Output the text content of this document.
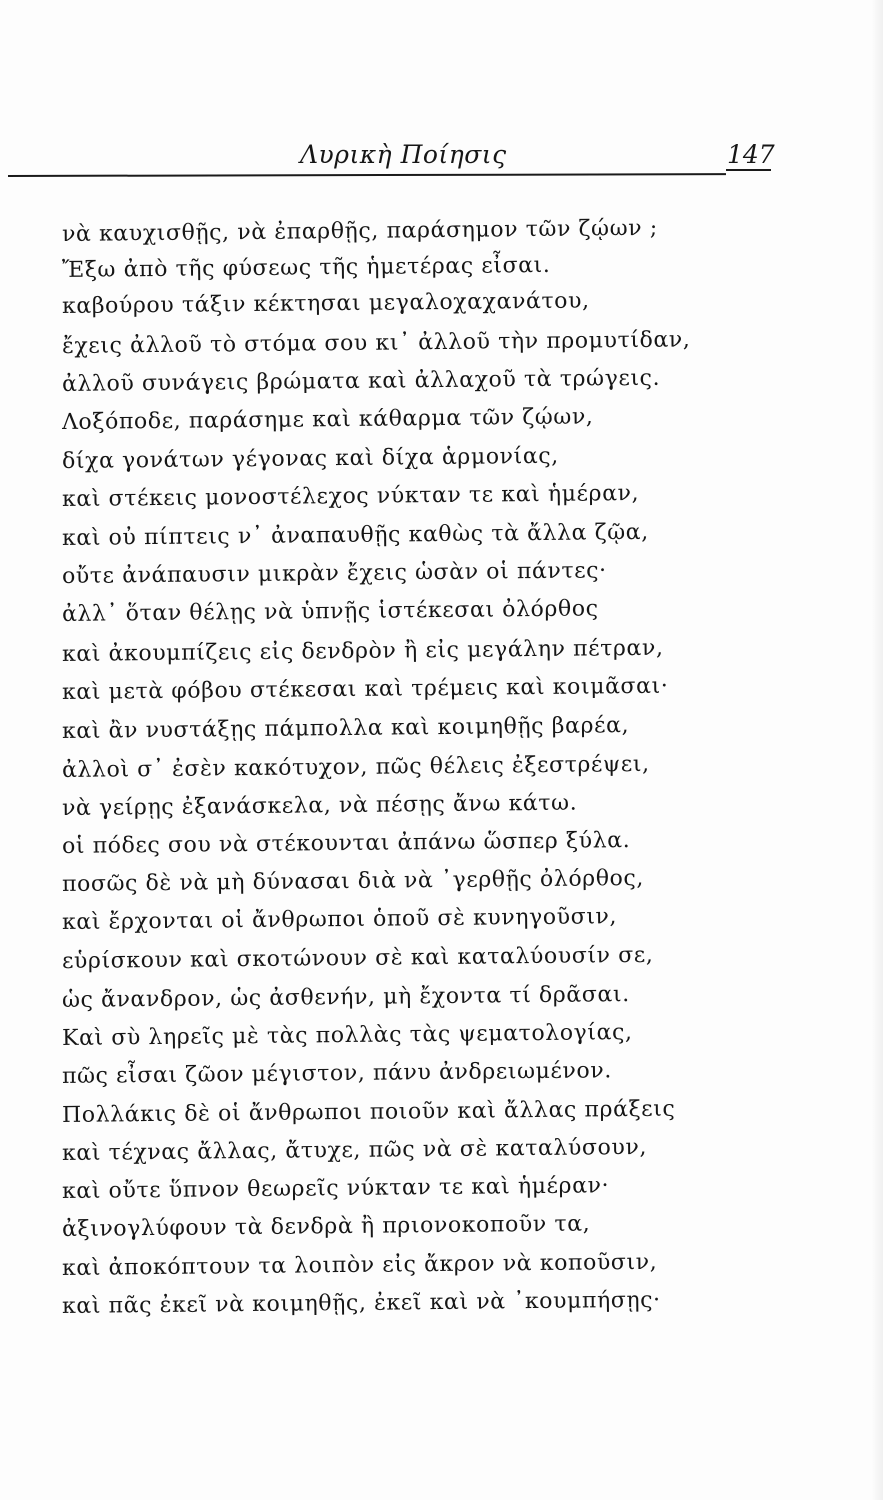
Λυρικὴ Ποίησις	147
νὰ καυχισθῇς, νὰ ἐπαρθῇς, παράσημον τῶν ζῴων ;
Ἔξω ἀπὸ τῆς φύσεως τῆς ἡμετέρας εἶσαι.
καβούρου τάξιν κέκτησαι μεγαλοχαχανάτου,
ἔχεις ἀλλοῦ τὸ στόμα σου κι᾽ ἀλλοῦ τὴν προμυτίδαν,
ἀλλοῦ συνάγεις βρώματα καὶ ἀλλαχοῦ τὰ τρώγεις.
Λοξόποδε, παράσημε καὶ κάθαρμα τῶν ζῴων,
δίχα γονάτων γέγονας καὶ δίχα ἁρμονίας,
καὶ στέκεις μονοστέλεχος νύκταν τε καὶ ἡμέραν,
καὶ οὐ πίπτεις ν᾽ ἀναπαυθῇς καθὼς τὰ ἄλλα ζῷα,
οὔτε ἀνάπαυσιν μικρὰν ἔχεις ὡσὰν οἱ πάντες·
ἀλλ᾽ ὅταν θέλῃς νὰ ὑπνῇς ἱστέκεσαι ὀλόρθος
καὶ ἀκουμπίζεις εἰς δενδρὸν ἢ εἰς μεγάλην πέτραν,
καὶ μετὰ φόβου στέκεσαι καὶ τρέμεις καὶ κοιμᾶσαι·
καὶ ἂν νυστάξῃς πάμπολλα καὶ κοιμηθῇς βαρέα,
ἀλλοὶ σ᾽ ἐσὲν κακότυχον, πῶς θέλεις ἐξεστρέψει,
νὰ γείρῃς ἐξανάσκελα, νὰ πέσῃς ἄνω κάτω.
οἱ πόδες σου νὰ στέκουνται ἀπάνω ὥσπερ ξύλα.
ποσῶς δὲ νὰ μὴ δύνασαι διὰ νὰ ᾽γερθῇς ὀλόρθος,
καὶ ἔρχονται οἱ ἄνθρωποι ὁποῦ σὲ κυνηγοῦσιν,
εὑρίσκουν καὶ σκοτώνουν σὲ καὶ καταλύουσίν σε,
ὡς ἄνανδρον, ὡς ἀσθενήν, μὴ ἔχοντα τί δρᾶσαι.
Καὶ σὺ ληρεῖς μὲ τὰς πολλὰς τὰς ψεματολογίας,
πῶς εἶσαι ζῶον μέγιστον, πάνυ ἀνδρειωμένον.
Πολλάκις δὲ οἱ ἄνθρωποι ποιοῦν καὶ ἄλλας πράξεις
καὶ τέχνας ἄλλας, ἄτυχε, πῶς νὰ σὲ καταλύσουν,
καὶ οὔτε ὕπνον θεωρεῖς νύκταν τε καὶ ἡμέραν·
ἀξινογλύφουν τὰ δενδρὰ ἢ πριονοκοποῦν τα,
καὶ ἀποκόπτουν τα λοιπὸν εἰς ἄκρον νὰ κοποῦσιν,
καὶ πᾶς ἐκεῖ νὰ κοιμηθῇς, ἐκεῖ καὶ νὰ ᾽κουμπήσῃς·
